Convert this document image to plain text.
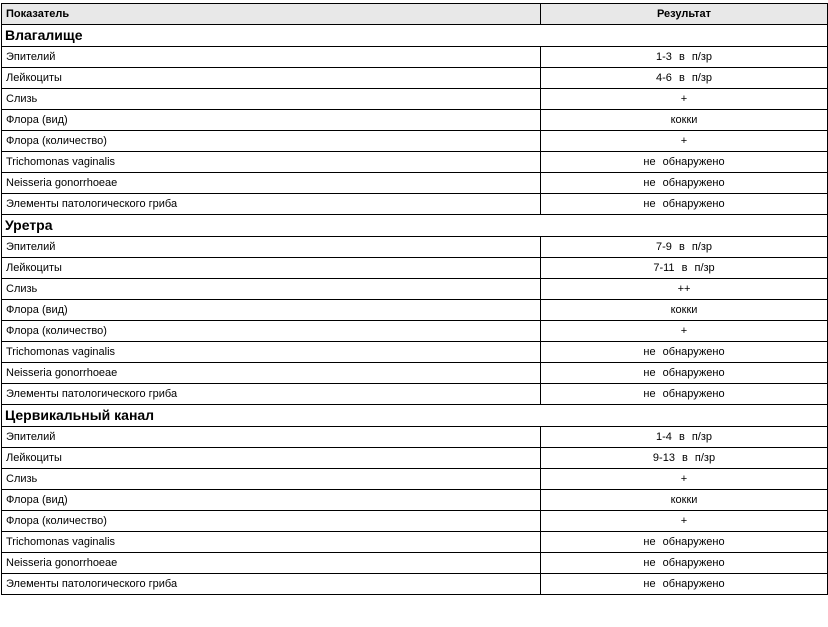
Показатель	Результат
Влагалище	
Эпителий	1-3 в п/зр
Лейкоциты	4-6 в п/зр
Слизь	+
Флора (вид)	кокки
Флора (количество)	+
Trichomonas vaginalis	не обнаружено
Neisseria gonorrhoeae	не обнаружено
Элементы патологического гриба	не обнаружено
Уретра	
Эпителий	7-9 в п/зр
Лейкоциты	7-11 в п/зр
Слизь	++
Флора (вид)	кокки
Флора (количество)	+
Trichomonas vaginalis	не обнаружено
Neisseria gonorrhoeae	не обнаружено
Элементы патологического гриба	не обнаружено
Цервикальный канал	
Эпителий	1-4 в п/зр
Лейкоциты	9-13 в п/зр
Слизь	+
Флора (вид)	кокки
Флора (количество)	+
Trichomonas vaginalis	не обнаружено
Neisseria gonorrhoeae	не обнаружено
Элементы патологического гриба	не обнаружено
